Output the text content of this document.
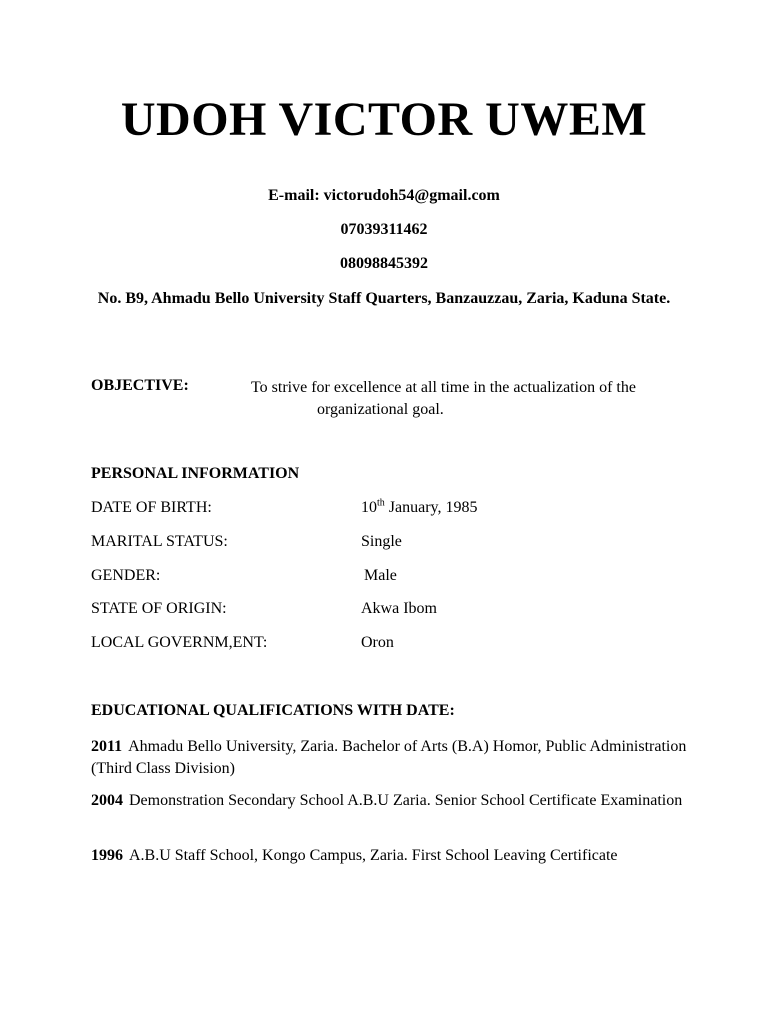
UDOH VICTOR UWEM
E-mail: victorudoh54@gmail.com
07039311462
08098845392
No. B9, Ahmadu Bello University Staff Quarters, Banzauzzau, Zaria, Kaduna State.
OBJECTIVE:	To strive for excellence at all time in the actualization of the
organizational goal.
PERSONAL INFORMATION
DATE OF BIRTH:	10th January, 1985
MARITAL STATUS:	Single
GENDER:	Male
STATE OF ORIGIN:	Akwa Ibom
LOCAL GOVERNM,ENT:	Oron
EDUCATIONAL QUALIFICATIONS WITH DATE:
2011 Ahmadu Bello University, Zaria. Bachelor of Arts (B.A) Homor, Public Administration (Third Class Division)
2004 Demonstration Secondary School A.B.U Zaria. Senior School Certificate Examination
1996 A.B.U Staff School, Kongo Campus, Zaria. First School Leaving Certificate
